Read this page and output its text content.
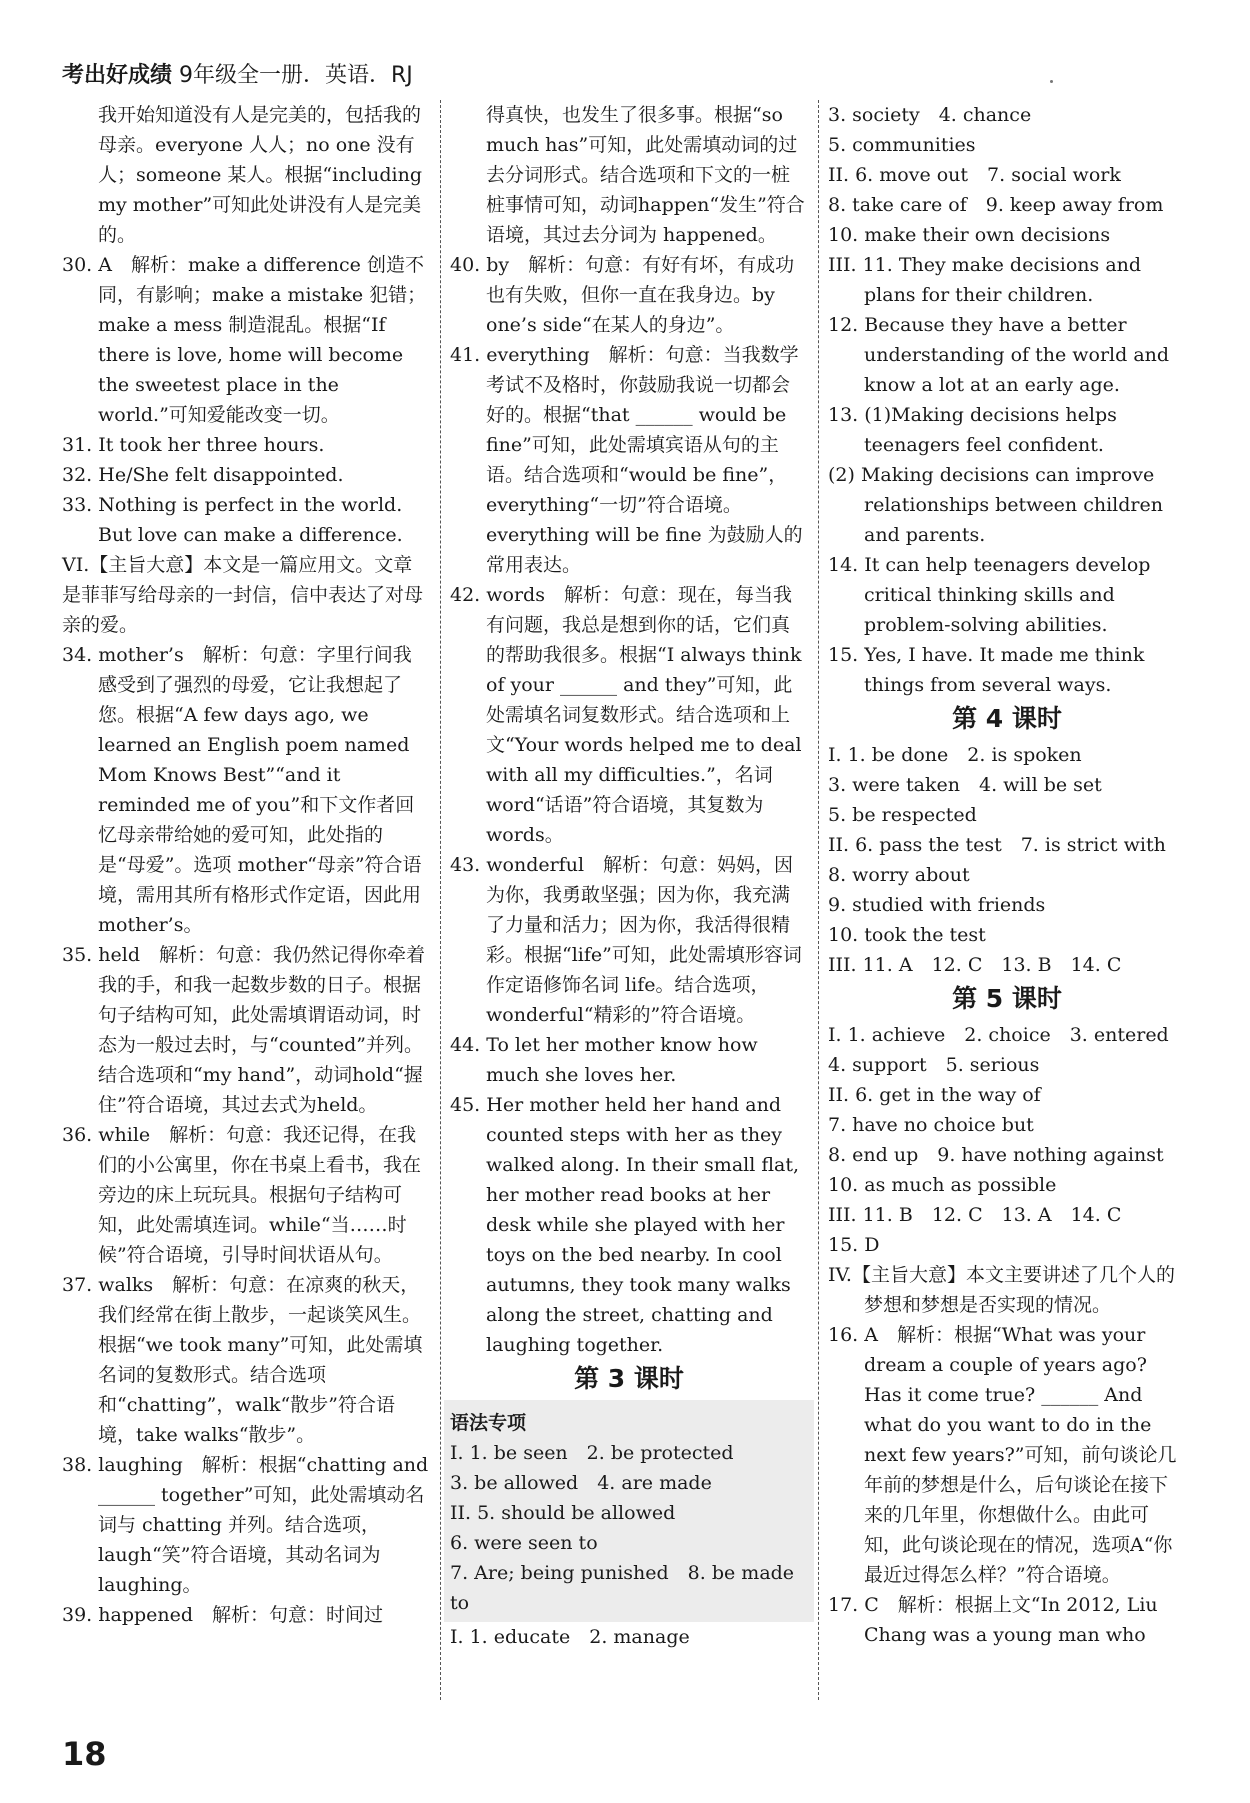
考出好成绩 9年级全一册．英语．RJ
我开始知道没有人是完美的，包括我的母亲。everyone 人人；no one 没有人；someone 某人。根据“including my mother”可知此处讲没有人是完美的。
30. A　解析：make a difference 创造不同，有影响；make a mistake 犯错；make a mess 制造混乱。根据“If there is love, home will become the sweetest place in the world.”可知爱能改变一切。
31. It took her three hours.
32. He/She felt disappointed.
33. Nothing is perfect in the world. But love can make a difference.
VI.【主旨大意】本文是一篇应用文。文章是菲菲写给母亲的一封信，信中表达了对母亲的爱。
34. mother’s　解析：句意：字里行间我感受到了强烈的母爱，它让我想起了您。根据“A few days ago, we learned an English poem named Mom Knows Best”“and it reminded me of you”和下文作者回忆母亲带给她的爱可知，此处指的是“母爱”。选项 mother“母亲”符合语境，需用其所有格形式作定语，因此用 mother’s。
35. held　解析：句意：我仍然记得你牵着我的手，和我一起数步数的日子。根据句子结构可知，此处需填谓语动词，时态为一般过去时，与“counted”并列。结合选项和“my hand”，动词hold“握住”符合语境，其过去式为held。
36. while　解析：句意：我还记得，在我们的小公寓里，你在书桌上看书，我在旁边的床上玩玩具。根据句子结构可知，此处需填连词。while“当……时候”符合语境，引导时间状语从句。
37. walks　解析：句意：在凉爽的秋天，我们经常在街上散步，一起谈笑风生。根据“we took many”可知，此处需填名词的复数形式。结合选项和“chatting”，walk“散步”符合语境，take walks“散步”。
38. laughing　解析：根据“chatting and ______ together”可知，此处需填动名词与 chatting 并列。结合选项，laugh“笑”符合语境，其动名词为 laughing。
39. happened　解析：句意：时间过
得真快，也发生了很多事。根据“so much has”可知，此处需填动词的过去分词形式。结合选项和下文的一桩桩事情可知，动词happen“发生”符合语境，其过去分词为 happened。
40. by　解析：句意：有好有坏，有成功也有失败，但你一直在我身边。by one’s side“在某人的身边”。
41. everything　解析：句意：当我数学考试不及格时，你鼓励我说一切都会好的。根据“that ______ would be fine”可知，此处需填宾语从句的主语。结合选项和“would be fine”，everything“一切”符合语境。everything will be fine 为鼓励人的常用表达。
42. words　解析：句意：现在，每当我有问题，我总是想到你的话，它们真的帮助我很多。根据“I always think of your ______ and they”可知，此处需填名词复数形式。结合选项和上文“Your words helped me to deal with all my difficulties.”，名词 word“话语”符合语境，其复数为 words。
43. wonderful　解析：句意：妈妈，因为你，我勇敢坚强；因为你，我充满了力量和活力；因为你，我活得很精彩。根据“life”可知，此处需填形容词作定语修饰名词 life。结合选项，wonderful“精彩的”符合语境。
44. To let her mother know how much she loves her.
45. Her mother held her hand and counted steps with her as they walked along. In their small flat, her mother read books at her desk while she played with her toys on the bed nearby. In cool autumns, they took many walks along the street, chatting and laughing together.
第 3 课时
语法专项
I. 1. be seen　2. be protected
3. be allowed　4. are made
II. 5. should be allowed
6. were seen to
7. Are; being punished　8. be made to
I. 1. educate　2. manage
3. society　4. chance
5. communities
II. 6. move out　7. social work
8. take care of　9. keep away from
10. make their own decisions
III. 11. They make decisions and plans for their children.
12. Because they have a better understanding of the world and know a lot at an early age.
13. (1)Making decisions helps teenagers feel confident.
(2) Making decisions can improve relationships between children and parents.
14. It can help teenagers develop critical thinking skills and problem-solving abilities.
15. Yes, I have. It made me think things from several ways.
第 4 课时
I. 1. be done　2. is spoken
3. were taken　4. will be set
5. be respected
II. 6. pass the test　7. is strict with
8. worry about
9. studied with friends
10. took the test
III. 11. A　12. C　13. B　14. C
第 5 课时
I. 1. achieve　2. choice　3. entered
4. support　5. serious
II. 6. get in the way of
7. have no choice but
8. end up　9. have nothing against
10. as much as possible
III. 11. B　12. C　13. A　14. C
15. D
IV.【主旨大意】本文主要讲述了几个人的梦想和梦想是否实现的情况。
16. A　解析：根据“What was your dream a couple of years ago? Has it come true? ______ And what do you want to do in the next few years?”可知，前句谈论几年前的梦想是什么，后句谈论在接下来的几年里，你想做什么。由此可知，此句谈论现在的情况，选项A“你最近过得怎么样？”符合语境。
17. C　解析：根据上文“In 2012, Liu Chang was a young man who
18
